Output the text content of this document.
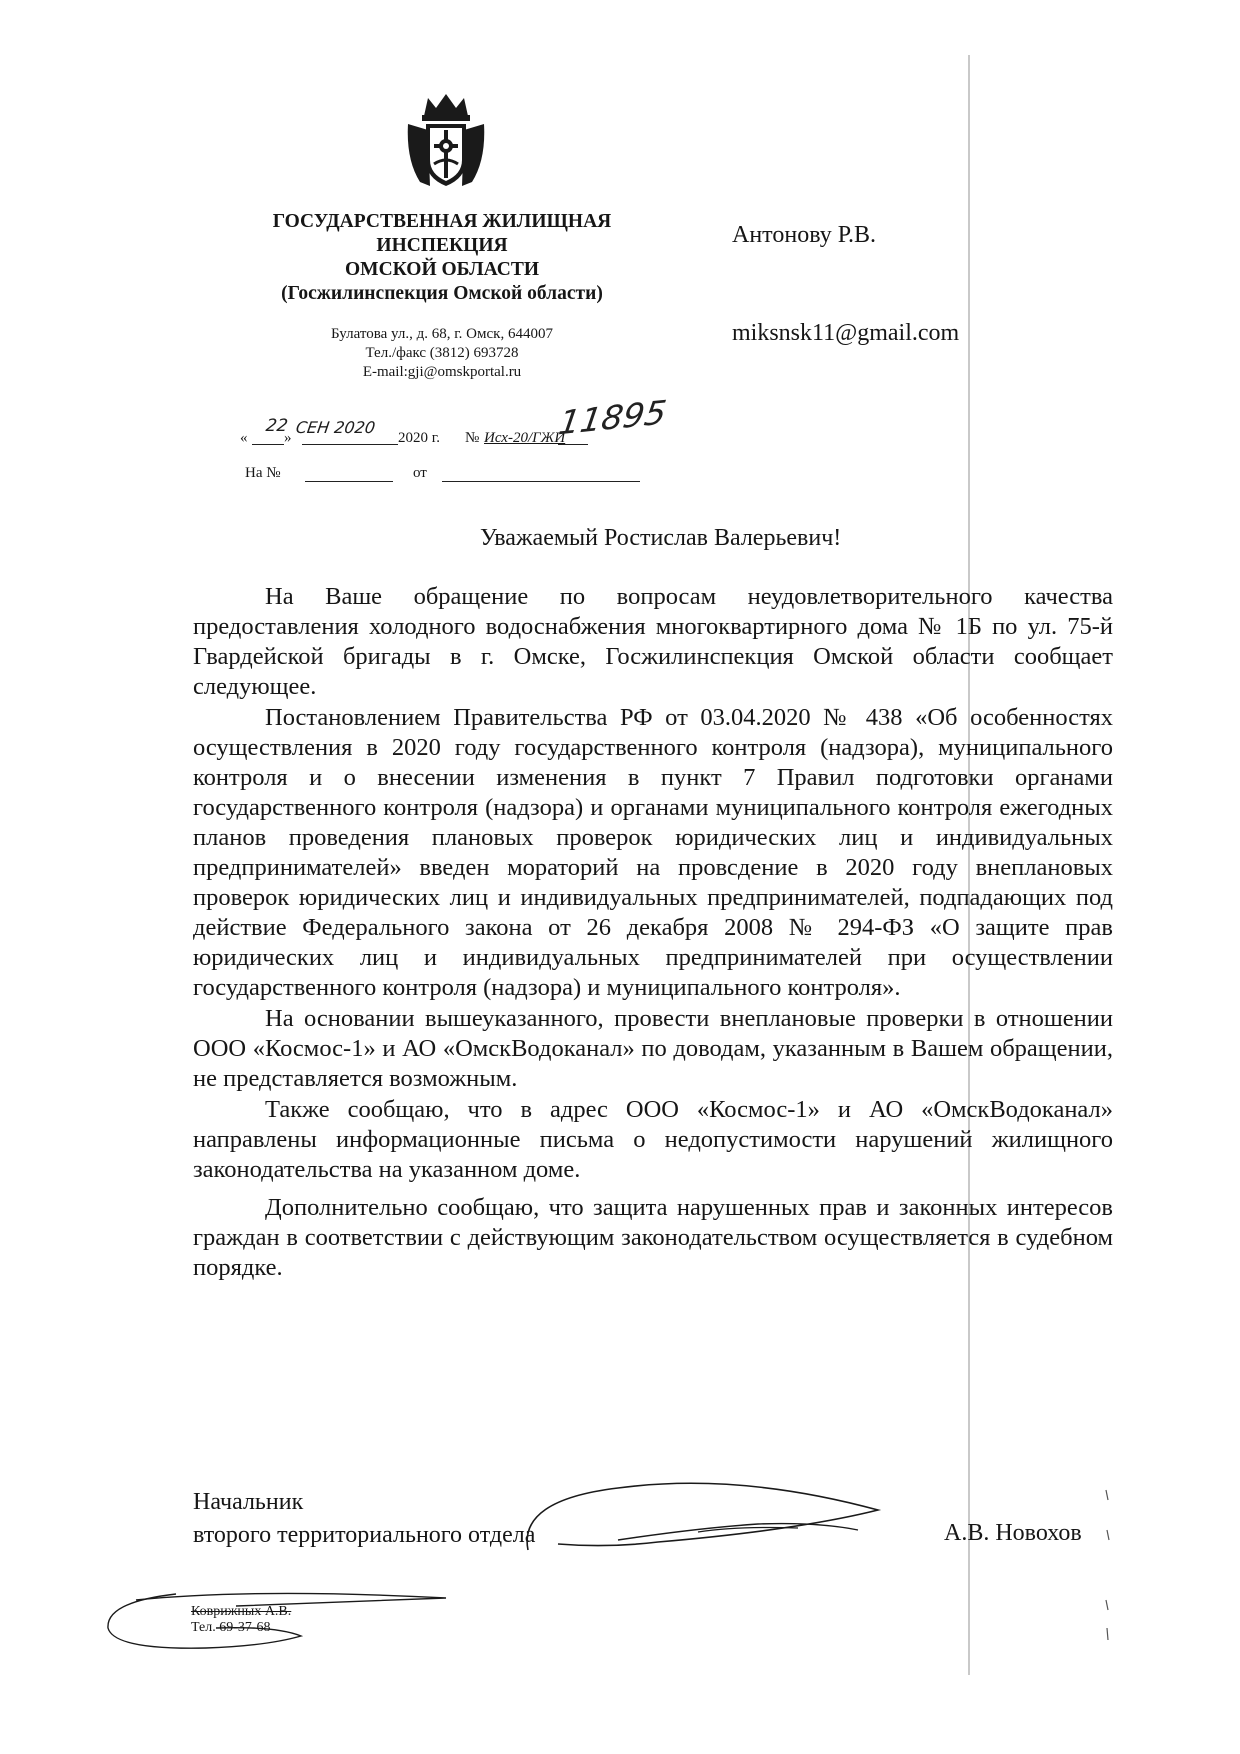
ГОСУДАРСТВЕННАЯ ЖИЛИЩНАЯ
ИНСПЕКЦИЯ
ОМСКОЙ ОБЛАСТИ
(Госжилинспекция Омской области)
Булатова ул., д. 68, г. Омск, 644007
Тел./факс (3812) 693728
E-mail:gji@omskportal.ru
Антонову Р.В.
miksnsk11@gmail.com
«
22
»
СЕН 2020
2020 г. № Исх-20/ГЖИ
11895
На №	от
Уважаемый Ростислав Валерьевич!

На Ваше обращение по вопросам неудовлетворительного качества предоставления холодного водоснабжения многоквартирного дома № 1Б по ул. 75-й Гвардейской бригады в г. Омске, Госжилинспекция Омской области сообщает следующее.

Постановлением Правительства РФ от 03.04.2020 № 438 «Об особенностях осуществления в 2020 году государственного контроля (надзора), муниципального контроля и о внесении изменения в пункт 7 Правил подготовки органами государственного контроля (надзора) и органами муниципального контроля ежегодных планов проведения плановых проверок юридических лиц и индивидуальных предпринимателей» введен мораторий на провсдение в 2020 году внеплановых проверок юридических лиц и индивидуальных предпринимателей, подпадающих под действие Федерального закона от 26 декабря 2008 № 294-ФЗ «О защите прав юридических лиц и индивидуальных предпринимателей при осуществлении государственного контроля (надзора) и муниципального контроля».

На основании вышеуказанного, провести внеплановые проверки в отношении ООО «Космос-1» и АО «ОмскВодоканал» по доводам, указанным в Вашем обращении, не представляется возможным.

Также сообщаю, что в адрес ООО «Космос-1» и АО «ОмскВодоканал» направлены информационные письма о недопустимости нарушений жилищного законодательства на указанном доме.

Дополнительно сообщаю, что защита нарушенных прав и законных интересов граждан в соответствии с действующим законодательством осуществляется в судебном порядке.

Начальник
второго территориального отдела	А.В. Новохов
Коврижных А.В.
Тел. 69-37-68
